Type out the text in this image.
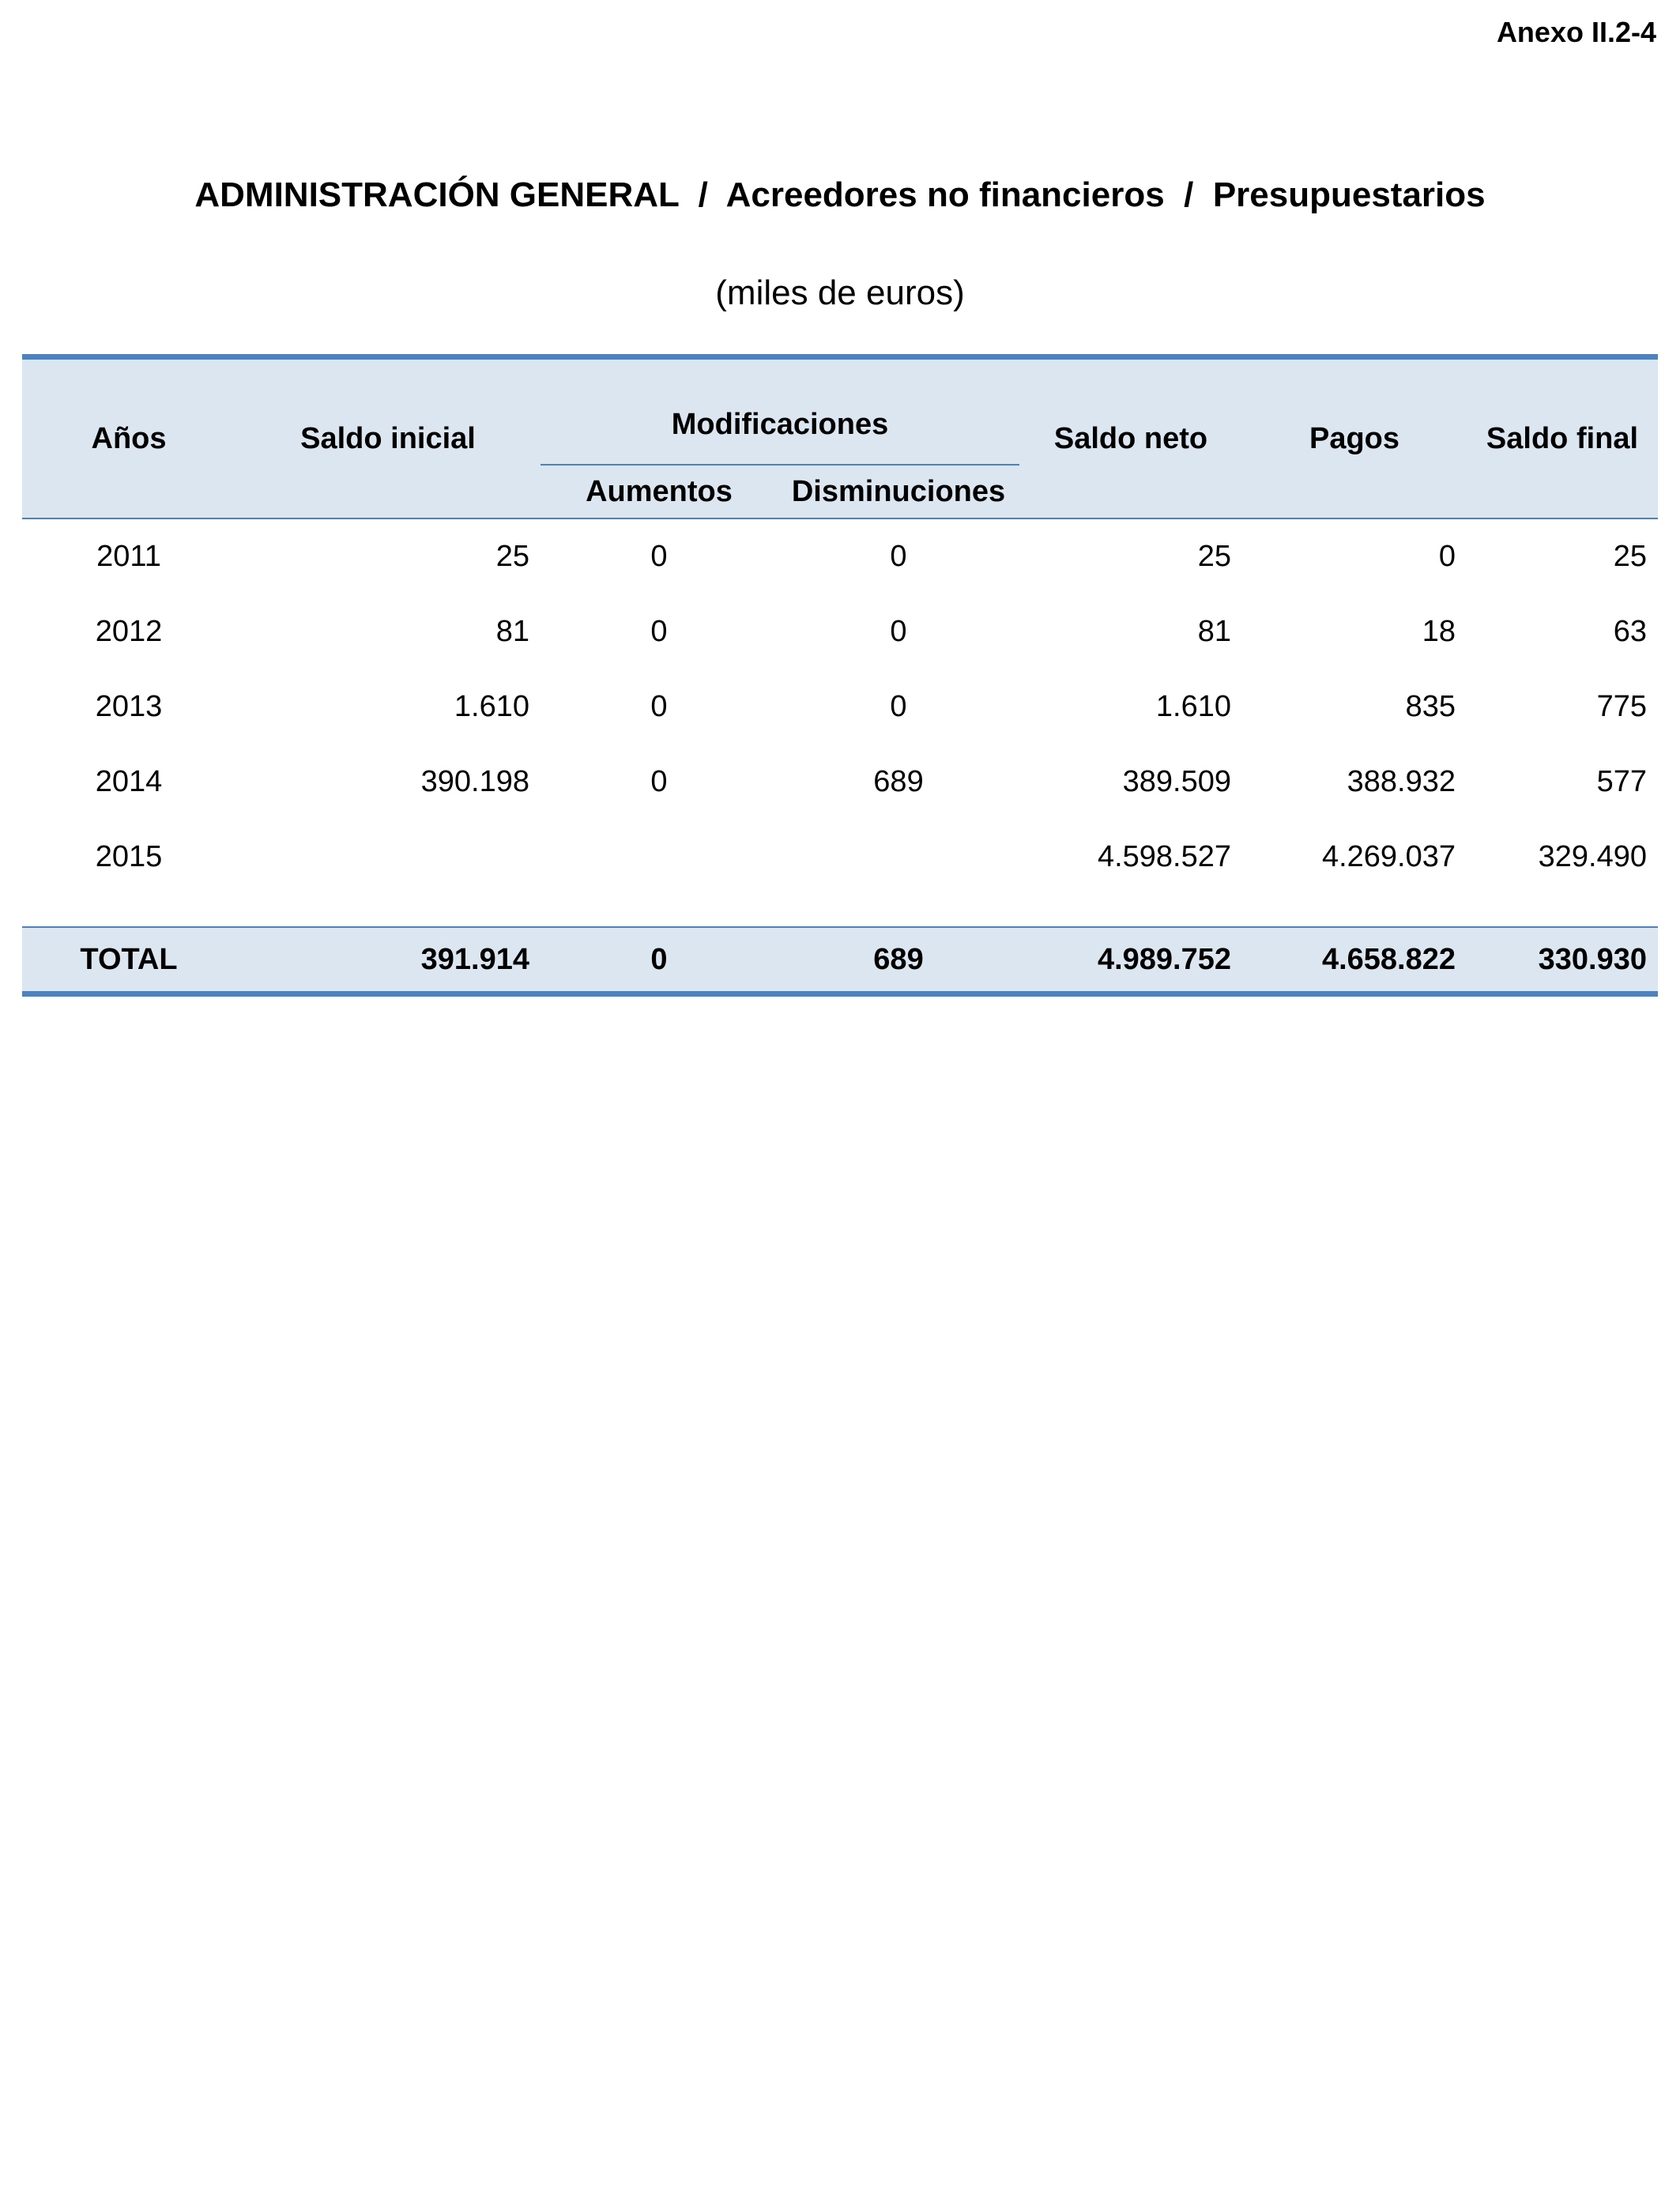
Anexo II.2-4
ADMINISTRACIÓN GENERAL  /  Acreedores no financieros  /  Presupuestarios
(miles de euros)
Años	Saldo inicial	Modificaciones		Saldo neto	Pagos	Saldo final
		Aumentos	Disminuciones			
2011	25	0	0	25	0	25
2012	81	0	0	81	18	63
2013	1.610	0	0	1.610	835	775
2014	390.198	0	689	389.509	388.932	577
2015				4.598.527	4.269.037	329.490

TOTAL	391.914	0	689	4.989.752	4.658.822	330.930
